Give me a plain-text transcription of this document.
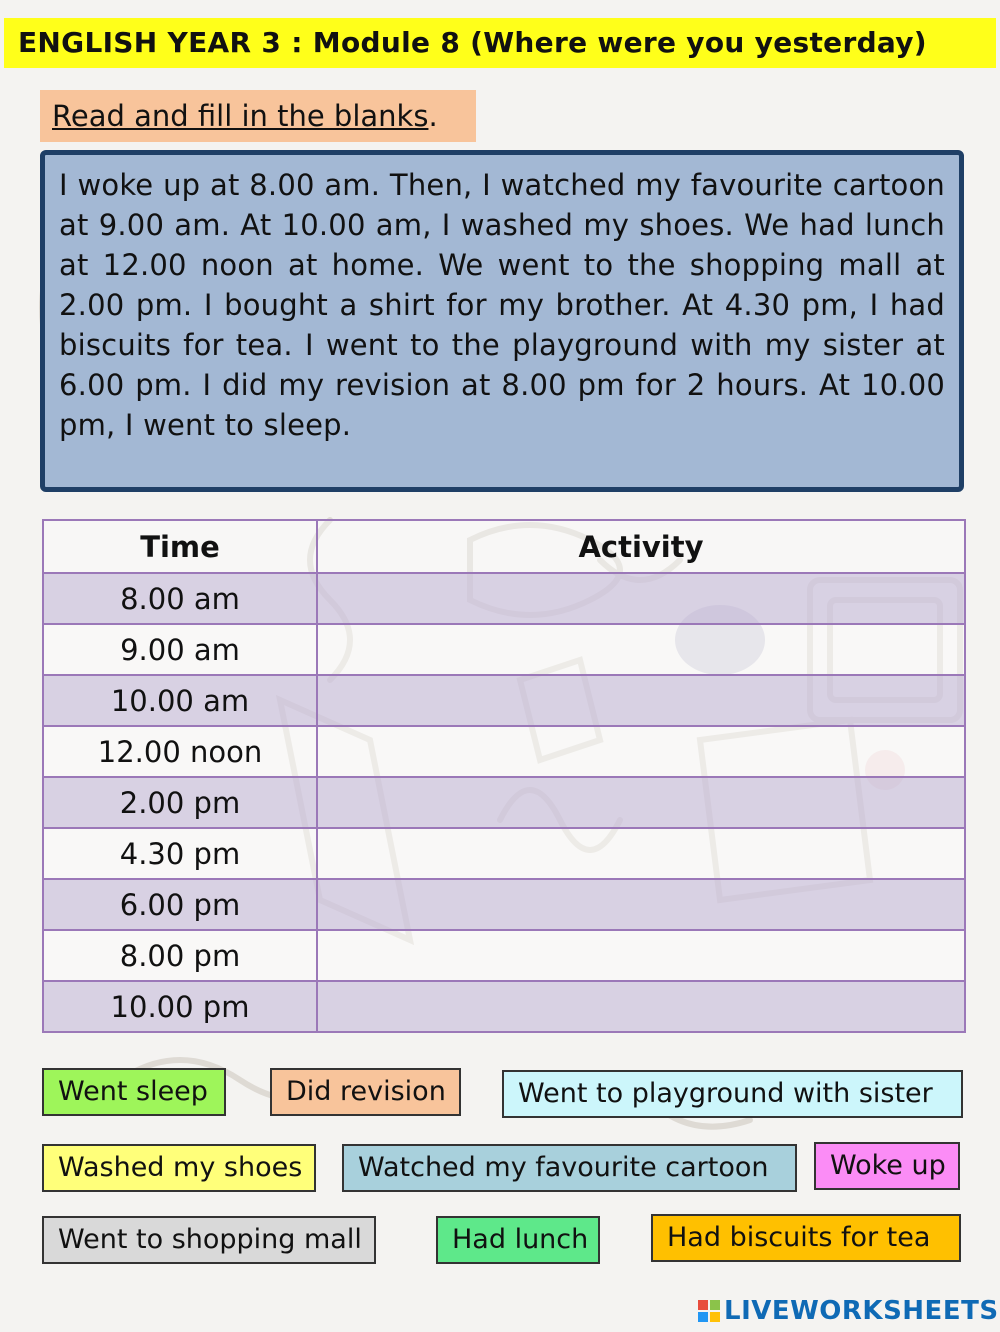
ENGLISH YEAR 3 : Module 8 (Where were you yesterday)
Read and fill in the blanks.
I woke up at 8.00 am. Then, I watched my favourite cartoon at 9.00 am. At 10.00 am, I washed my shoes. We had lunch at 12.00 noon at home. We went to the shopping mall at 2.00 pm. I bought a shirt for my brother. At 4.30 pm, I had biscuits for tea. I went to the playground with my sister at 6.00 pm. I did my revision at 8.00 pm for 2 hours. At 10.00 pm, I went to sleep.
Time	Activity
8.00 am	
9.00 am	
10.00 am	
12.00 noon	
2.00 pm	
4.30 pm	
6.00 pm	
8.00 pm	
10.00 pm	
Went sleep	Did revision	Went to playground with sister
Washed my shoes	Watched my favourite cartoon	Woke up
Went to shopping mall	Had lunch	Had biscuits for tea
LIVEWORKSHEETS
